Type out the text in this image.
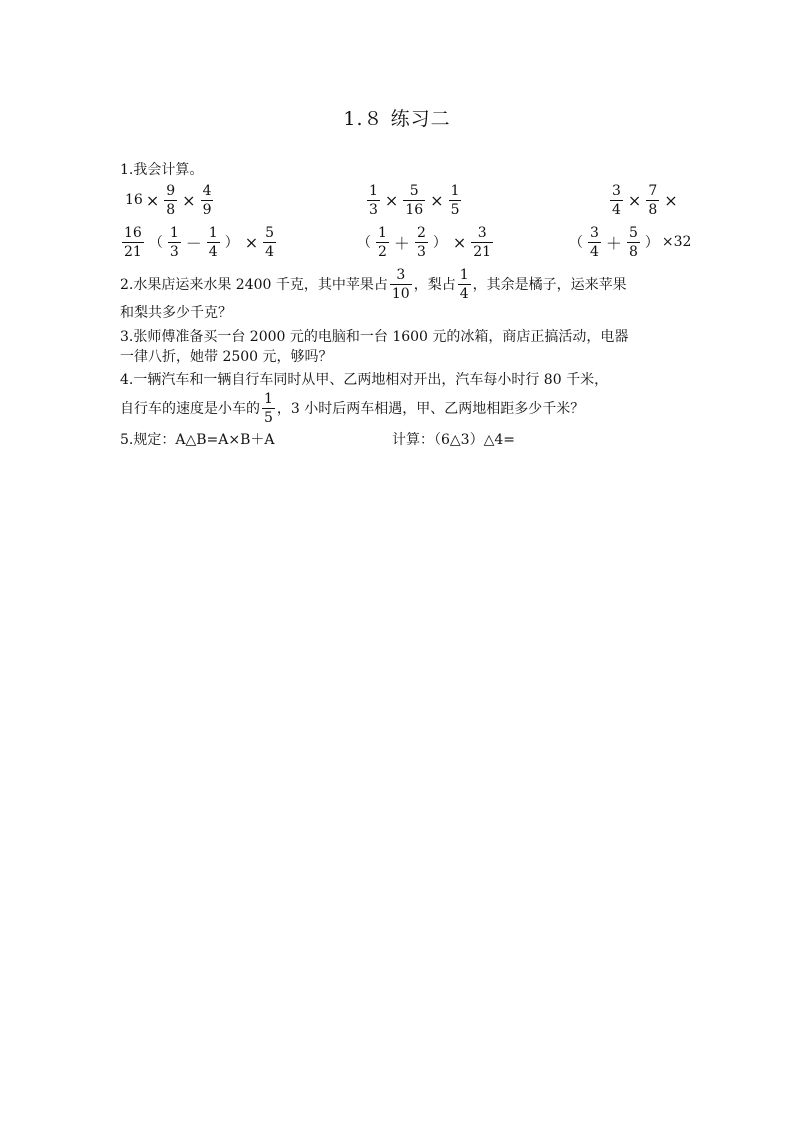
1.８ 练习二
1.我会计算。
$16 \times \frac{9}{8} \times \frac{4}{9}$	$\frac{1}{3} \times \frac{5}{16} \times \frac{1}{5}$	$\frac{3}{4} \times \frac{7}{8}$ ×
$\frac{16}{21}$ （ $\frac{1}{3} - \frac{1}{4}$ ） × $\frac{5}{4}$	（ $\frac{1}{2} + \frac{2}{3}$ ） × $\frac{3}{21}$	（ $\frac{3}{4} + \frac{5}{8}$ ） ×32
2.水果店运来水果 2400 千克，其中苹果占 $\frac{3}{10}$ ，梨占 $\frac{1}{4}$ ，其余是橘子，运来苹果
和梨共多少千克？
3.张师傅准备买一台 2000 元的电脑和一台 1600 元的冰箱，商店正搞活动，电器
一律八折，她带 2500 元，够吗？
4.一辆汽车和一辆自行车同时从甲、乙两地相对开出，汽车每小时行 80 千米，
自行车的速度是小车的 $\frac{1}{5}$ ，3 小时后两车相遇，甲、乙两地相距多少千米？
5.规定：A△B=A×B＋A	计算：（6△3）△4=
